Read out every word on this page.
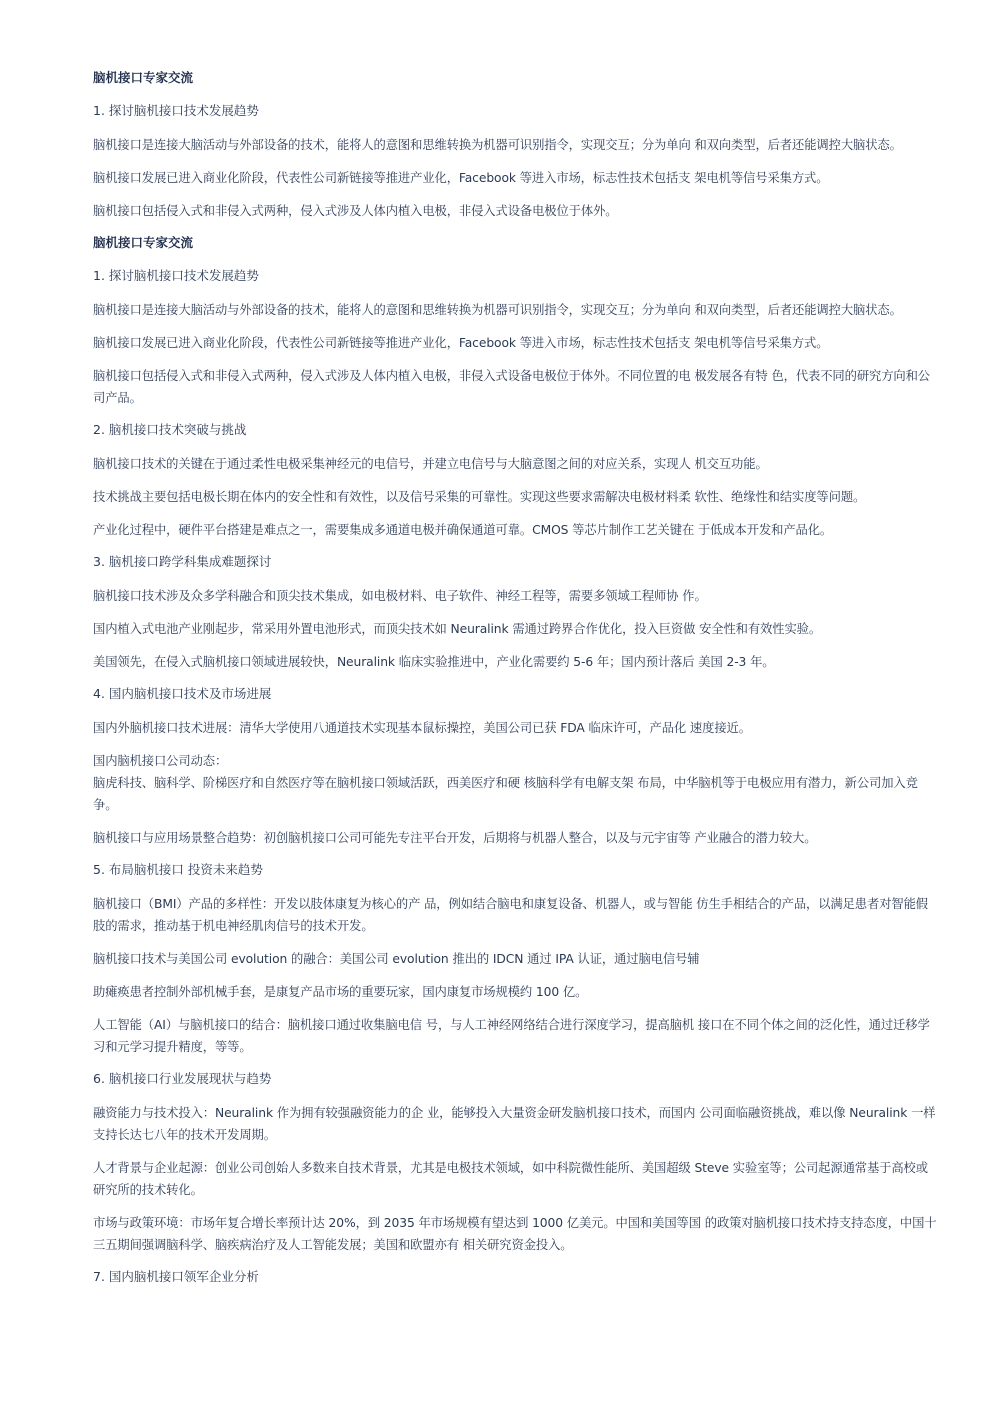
脑机接口专家交流
1. 探讨脑机接口技术发展趋势
脑机接口是连接大脑活动与外部设备的技术，能将人的意图和思维转换为机器可识别指令，实现交互；分为单向 和双向类型，后者还能调控大脑状态。
脑机接口发展已进入商业化阶段，代表性公司新链接等推进产业化，Facebook 等进入市场，标志性技术包括支 架电机等信号采集方式。
脑机接口包括侵入式和非侵入式两种，侵入式涉及人体内植入电极，非侵入式设备电极位于体外。
脑机接口专家交流
1. 探讨脑机接口技术发展趋势
脑机接口是连接大脑活动与外部设备的技术，能将人的意图和思维转换为机器可识别指令，实现交互；分为单向 和双向类型，后者还能调控大脑状态。
脑机接口发展已进入商业化阶段，代表性公司新链接等推进产业化，Facebook 等进入市场，标志性技术包括支 架电机等信号采集方式。
脑机接口包括侵入式和非侵入式两种，侵入式涉及人体内植入电极，非侵入式设备电极位于体外。不同位置的电 极发展各有特 色，代表不同的研究方向和公司产品。
2. 脑机接口技术突破与挑战
脑机接口技术的关键在于通过柔性电极采集神经元的电信号，并建立电信号与大脑意图之间的对应关系，实现人 机交互功能。
技术挑战主要包括电极长期在体内的安全性和有效性，以及信号采集的可靠性。实现这些要求需解决电极材料柔 软性、绝缘性和结实度等问题。
产业化过程中，硬件平台搭建是难点之一，需要集成多通道电极并确保通道可靠。CMOS 等芯片制作工艺关键在 于低成本开发和产品化。
3. 脑机接口跨学科集成难题探讨
脑机接口技术涉及众多学科融合和顶尖技术集成，如电极材料、电子软件、神经工程等，需要多领域工程师协 作。
国内植入式电池产业刚起步，常采用外置电池形式，而顶尖技术如 Neuralink 需通过跨界合作优化，投入巨资做 安全性和有效性实验。
美国领先，在侵入式脑机接口领域进展较快，Neuralink 临床实验推进中，产业化需要约 5-6 年；国内预计落后 美国 2-3 年。
4. 国内脑机接口技术及市场进展
国内外脑机接口技术进展：清华大学使用八通道技术实现基本鼠标操控，美国公司已获 FDA 临床许可，产品化 速度接近。
国内脑机接口公司动态：
脑虎科技、脑科学、阶梯医疗和自然医疗等在脑机接口领域活跃，西美医疗和硬 核脑科学有电解支架 布局，中华脑机等于电极应用有潜力，新公司加入竞争。
脑机接口与应用场景整合趋势：初创脑机接口公司可能先专注平台开发，后期将与机器人整合，以及与元宇宙等 产业融合的潜力较大。
5. 布局脑机接口 投资未来趋势
脑机接口（BMI）产品的多样性：开发以肢体康复为核心的产 品，例如结合脑电和康复设备、机器人，或与智能 仿生手相结合的产品，以满足患者对智能假肢的需求，推动基于机电神经肌肉信号的技术开发。
脑机接口技术与美国公司 evolution 的融合：美国公司 evolution 推出的 IDCN 通过 IPA 认证，通过脑电信号辅
助瘫痪患者控制外部机械手套，是康复产品市场的重要玩家，国内康复市场规模约 100 亿。
人工智能（AI）与脑机接口的结合：脑机接口通过收集脑电信 号，与人工神经网络结合进行深度学习，提高脑机 接口在不同个体之间的泛化性，通过迁移学习和元学习提升精度，等等。
6. 脑机接口行业发展现状与趋势
融资能力与技术投入：Neuralink 作为拥有较强融资能力的企 业，能够投入大量资金研发脑机接口技术，而国内 公司面临融资挑战，难以像 Neuralink 一样支持长达七八年的技术开发周期。
人才背景与企业起源：创业公司创始人多数来自技术背景，尤其是电极技术领域，如中科院微性能所、美国超级 Steve 实验室等；公司起源通常基于高校或研究所的技术转化。
市场与政策环境：市场年复合增长率预计达 20%，到 2035 年市场规模有望达到 1000 亿美元。中国和美国等国 的政策对脑机接口技术持支持态度，中国十三五期间强调脑科学、脑疾病治疗及人工智能发展；美国和欧盟亦有 相关研究资金投入。
7. 国内脑机接口领军企业分析
